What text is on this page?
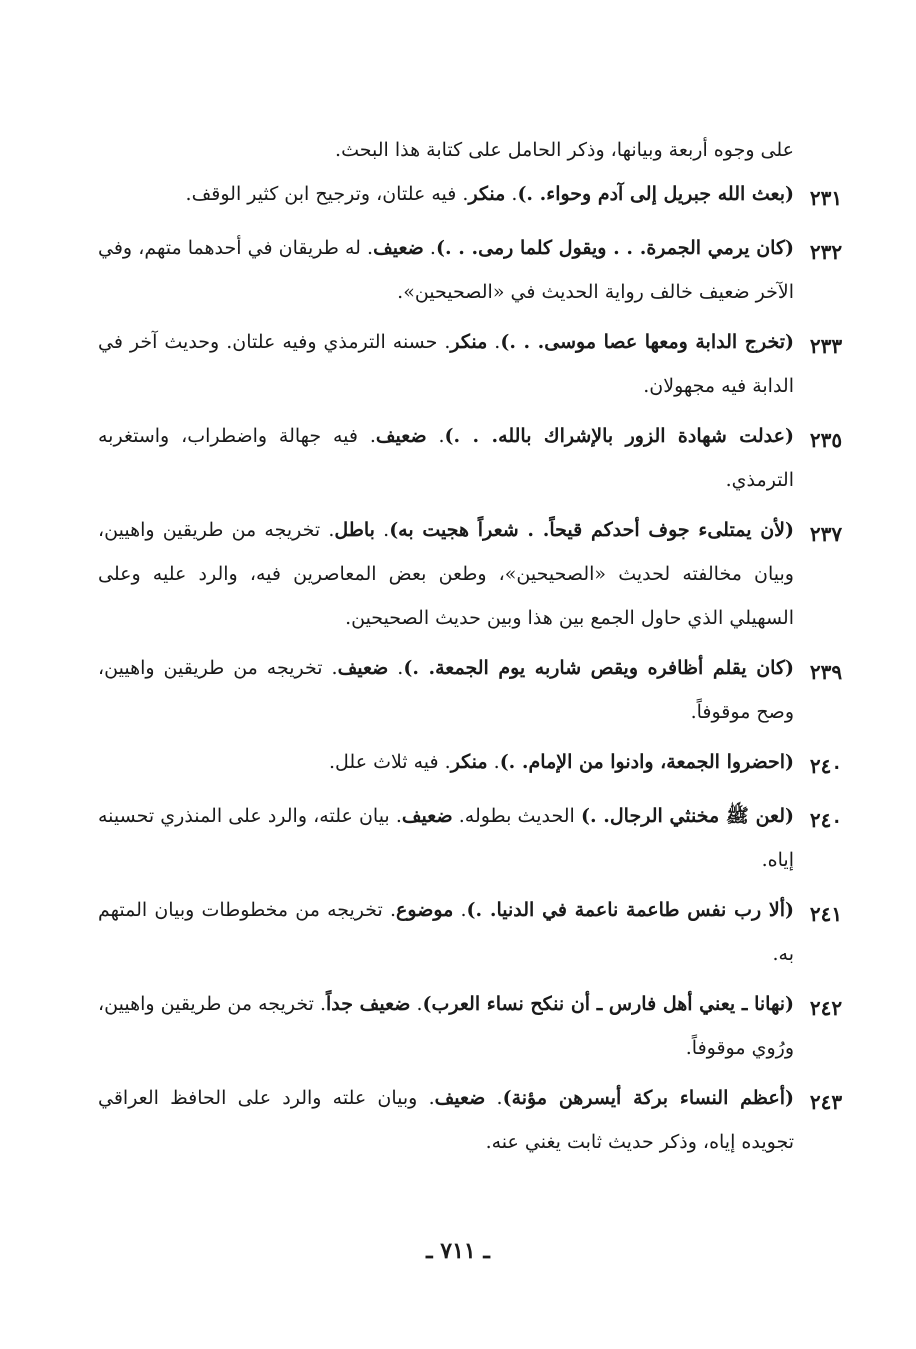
على وجوه أربعة وبيانها، وذكر الحامل على كتابة هذا البحث.

٢٣١
(بعث الله جبريل إلى آدم وحواء. .). منكر. فيه علتان، وترجيح ابن كثير الوقف.
٢٣٢
(كان يرمي الجمرة. . . ويقول كلما رمى. . .). ضعيف. له طريقان في أحدهما متهم، وفي الآخر ضعيف خالف رواية الحديث في «الصحيحين».
٢٣٣
(تخرج الدابة ومعها عصا موسى. . .). منكر. حسنه الترمذي وفيه علتان. وحديث آخر في الدابة فيه مجهولان.
٢٣٥
(عدلت شهادة الزور بالإشراك بالله. . .). ضعيف. فيه جهالة واضطراب، واستغربه الترمذي.
٢٣٧
(لأن يمتلىء جوف أحدكم قيحاً. . شعراً هجيت به). باطل. تخريجه من طريقين واهيين، وبيان مخالفته لحديث «الصحيحين»، وطعن بعض المعاصرين فيه، والرد عليه وعلى السهيلي الذي حاول الجمع بين هذا وبين حديث الصحيحين.
٢٣٩
(كان يقلم أظافره ويقص شاربه يوم الجمعة. .). ضعيف. تخريجه من طريقين واهيين، وصح موقوفاً.
٢٤٠
(احضروا الجمعة، وادنوا من الإمام. .). منكر. فيه ثلاث علل.
٢٤٠
(لعن ﷺ مخنثي الرجال. .) الحديث بطوله. ضعيف. بيان علته، والرد على المنذري تحسينه إياه.
٢٤١
(ألا رب نفس طاعمة ناعمة في الدنيا. .). موضوع. تخريجه من مخطوطات وبيان المتهم به.
٢٤٢
(نهانا ـ يعني أهل فارس ـ أن ننكح نساء العرب). ضعيف جداً. تخريجه من طريقين واهيين، ورُوي موقوفاً.
٢٤٣
(أعظم النساء بركة أيسرهن مؤنة). ضعيف. وبيان علته والرد على الحافظ العراقي تجويده إياه، وذكر حديث ثابت يغني عنه.
ـ ٧١١ ـ
